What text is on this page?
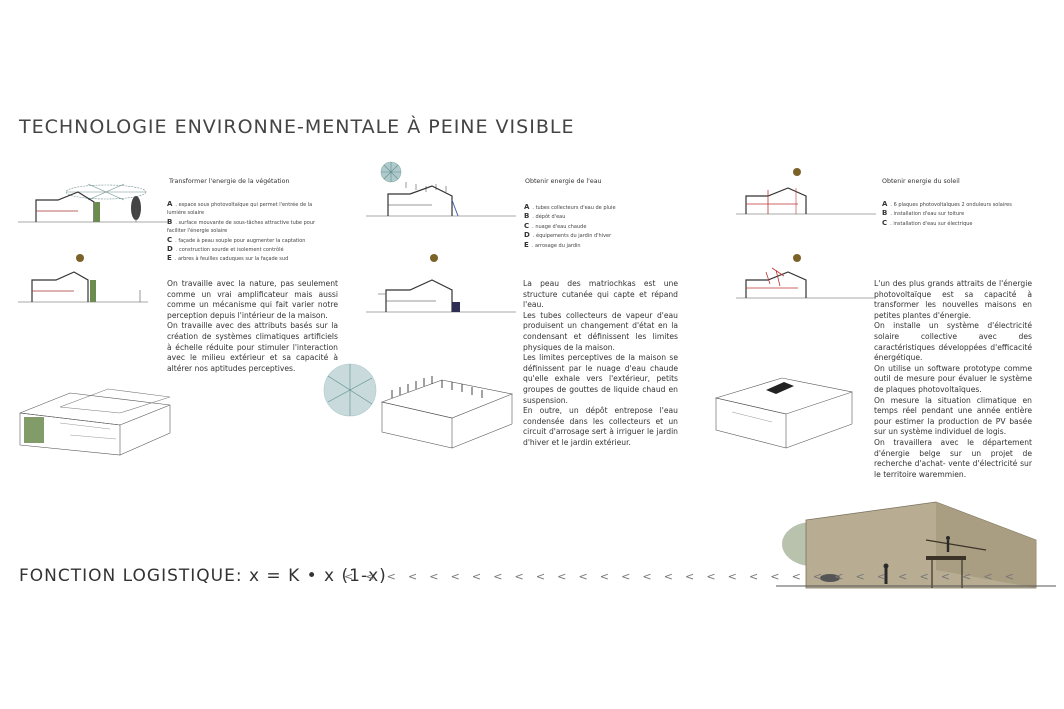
TECHNOLOGIE ENVIRONNE-MENTALE À PEINE VISIBLE
Transformer l'energie de la végétation
A . espace sous photovoltaïque qui permet l'entrée de la lumière solaire
B . surface mouvante de sous-tâches attractive tube pour faciliter l'énergie solaire
C . façade à peau souple pour augmenter la captation
D . construction sourde et isolement contrôlé
E . arbres à feuilles caduques sur la façade sud

On travaille avec la nature, pas seulement comme un vrai amplificateur mais aussi comme un mécanisme qui fait varier notre perception depuis l'intérieur de la maison.

On travaille avec des attributs basés sur la création de systèmes climatiques artificiels à échelle réduite pour stimuler l'interaction avec le milieu extérieur et sa capacité à altérer nos aptitudes perceptives.

Obtenir energie de l'eau
A . tubes collecteurs d'eau de pluie
B . dépôt d'eau
C . nuage d'eau chaude
D . équipements du jardin d'hiver
E . arrosage du jardin

La peau des matriochkas est une structure cutanée qui capte et répand l'eau.

Les tubes collecteurs de vapeur d'eau produisent un changement d'état en la condensant et définissent les limites physiques de la maison.

Les limites perceptives de la maison se définissent par le nuage d'eau chaude qu'elle exhale vers l'extérieur, petits groupes de gouttes de liquide chaud en suspension.

En outre, un dépôt entrepose l'eau condensée dans les collecteurs et un circuit d'arrosage sert à irriguer le jardin d'hiver et le jardin extérieur.

Obtenir energie du soleil
A . 6 plaques photovoltaïques 2 onduleurs solaires
B . installation d'eau sur toiture
C . installation d'eau sur électrique

L'un des plus grands attraits de l'énergie photovoltaïque est sa capacité à transformer les nouvelles maisons en petites plantes d'énergie.

On installe un système d'électricité solaire collective avec des caractéristiques développées d'efficacité énergétique.

On utilise un software prototype comme outil de mesure pour évaluer le système de plaques photovoltaïques.

On mesure la situation climatique en temps réel pendant une année entière pour estimer la production de PV basée sur un système individuel de logis.

On travaillera avec le département d'énergie belge sur un projet de recherche d'achat- vente d'électricité sur le territoire waremmien.

FONCTION LOGISTIQUE: x = K • x (1-x)
< < < < < < < < < < < < < < < < < < < < < < < < < < < < < < < <
